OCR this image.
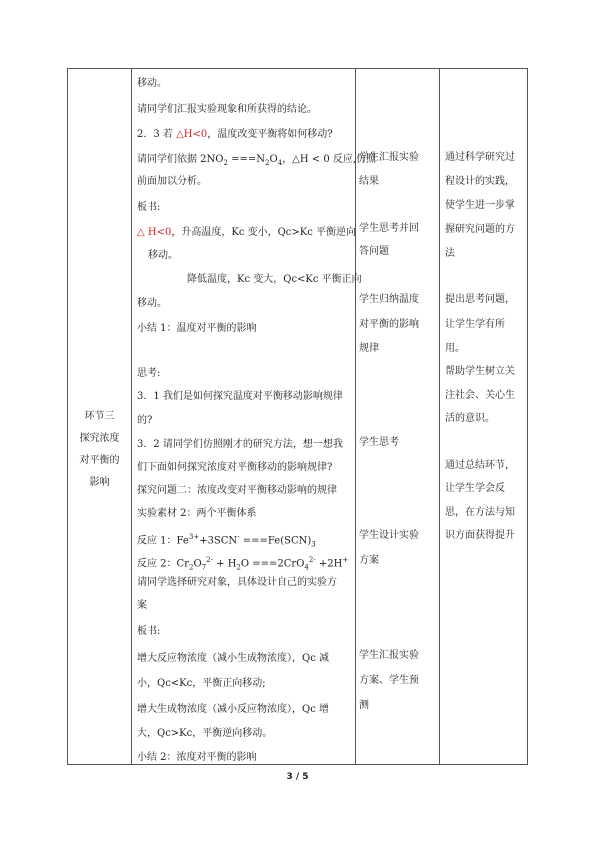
环节三
探究浓度
对平衡的
影响
移动。
请同学们汇报实验现象和所获得的结论。
2．3 若 △H<0，温度改变平衡将如何移动?
请同学们依据 $2NO_2 ===N_2O_4$，△H < 0 反应,仿照
前面加以分析。
板书:
△ H<0，升高温度，Kc 变小，Qc>Kc 平衡逆向
移动。
降低温度，Kc 变大，Qc<Kc 平衡正向
移动。
小结 1：温度对平衡的影响
思考:
3．1 我们是如何探究温度对平衡移动影响规律
的?
3．2 请同学们仿照刚才的研究方法，想一想我
们下面如何探究浓度对平衡移动的影响规律?
探究问题二：浓度改变对平衡移动影响的规律
实验素材 2：两个平衡体系
反应 1：$Fe^{3+}+3SCN^- ===Fe(SCN)_3$
反应 2：$Cr_2O_7^{2-} + H_2O ===2CrO_4^{2-} +2H^+$
请同学选择研究对象，具体设计自己的实验方
案
板书:
增大反应物浓度（减小生成物浓度），Qc 减
小，Qc<Kc，平衡正向移动;
增大生成物浓度（减小反应物浓度），Qc 增
大，Qc>Kc，平衡逆向移动。
小结 2：浓度对平衡的影响
学生汇报实验
结果
学生思考并回
答问题
学生归纳温度
对平衡的影响
规律
学生思考
学生设计实验
方案
学生汇报实验
方案、学生预
测
通过科学研究过
程设计的实践，
使学生进一步掌
握研究问题的方
法
提出思考问题，
让学生学有所
用。
帮助学生树立关
注社会、关心生
活的意识。
通过总结环节，
让学生学会反
思，在方法与知
识方面获得提升
3 / 5
